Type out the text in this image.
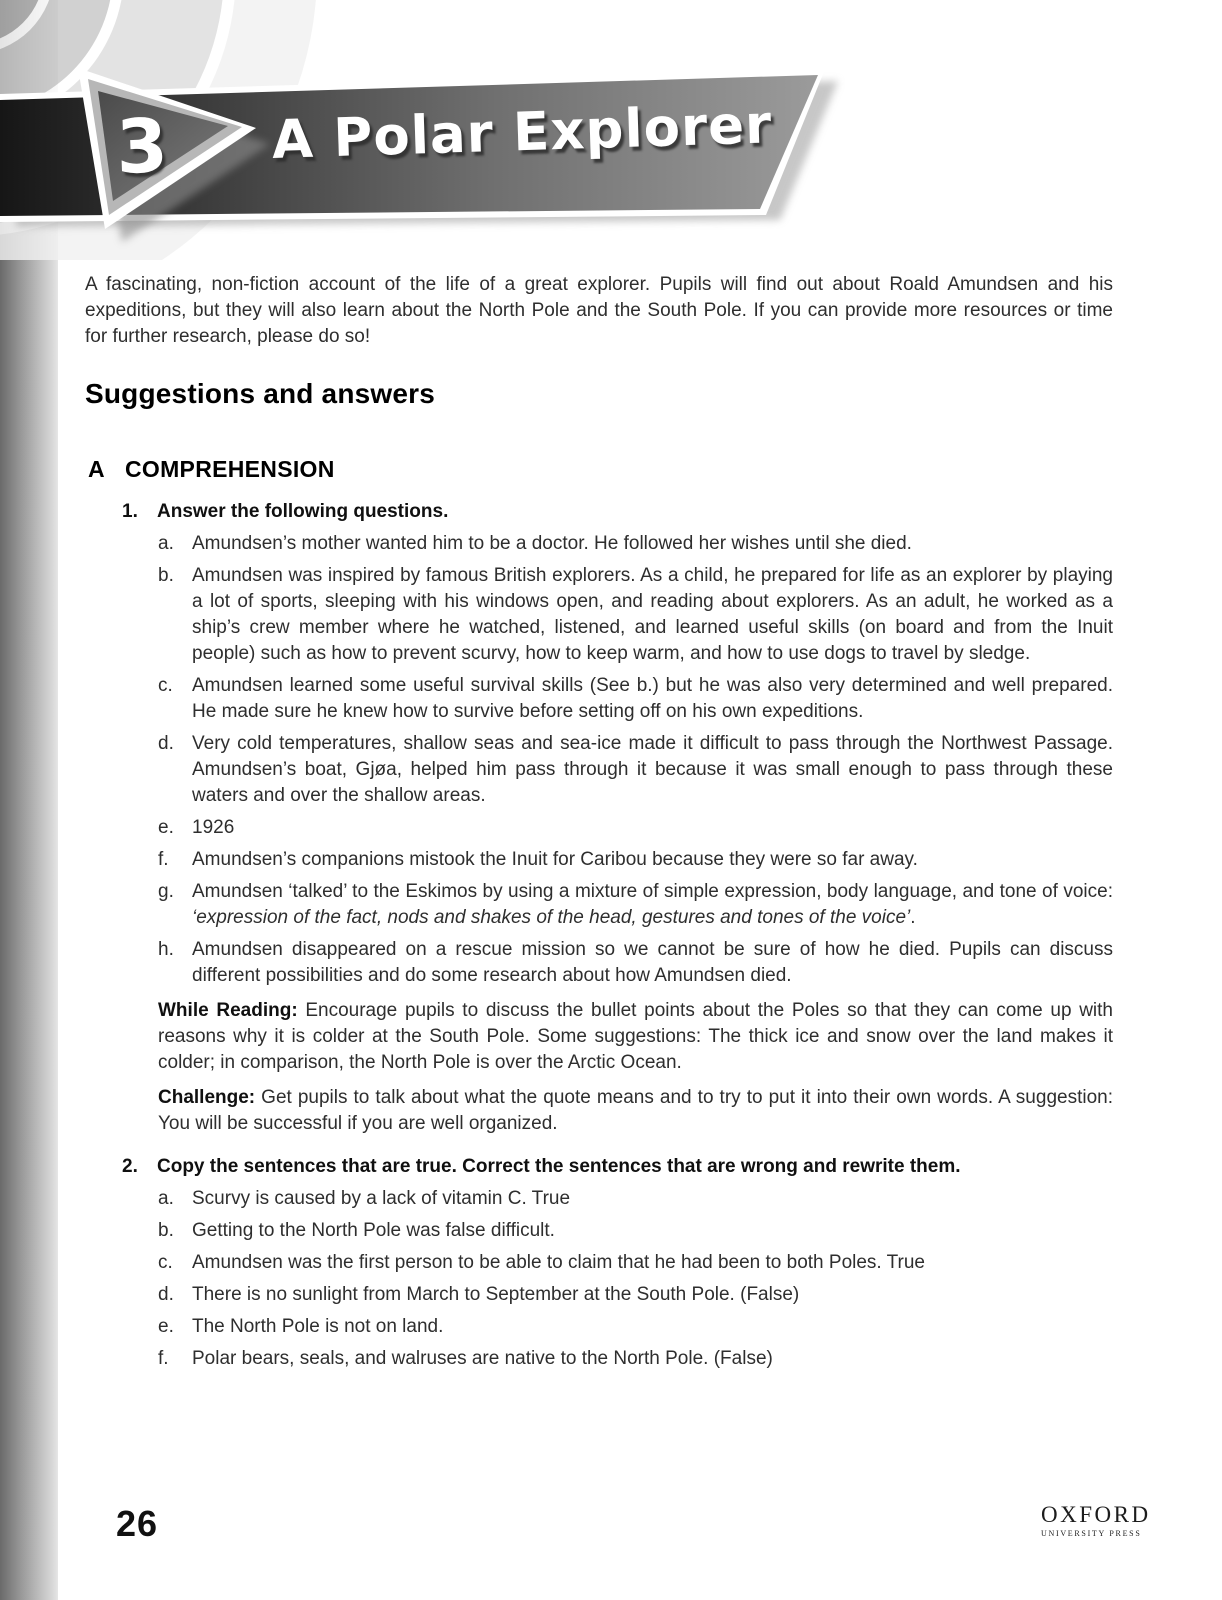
3 A Polar Explorer

A fascinating, non-fiction account of the life of a great explorer. Pupils will find out about Roald Amundsen and his expeditions, but they will also learn about the North Pole and the South Pole. If you can provide more resources or time for further research, please do so!

Suggestions and answers
A COMPREHENSION
1.	Answer the following questions.
a. Amundsen’s mother wanted him to be a doctor. He followed her wishes until she died.
b. Amundsen was inspired by famous British explorers. As a child, he prepared for life as an explorer by playing a lot of sports, sleeping with his windows open, and reading about explorers. As an adult, he worked as a ship’s crew member where he watched, listened, and learned useful skills (on board and from the Inuit people) such as how to prevent scurvy, how to keep warm, and how to use dogs to travel by sledge.
c.	Amundsen learned some useful survival skills (See b.) but he was also very determined and well prepared. He made sure he knew how to survive before setting off on his own expeditions.
d. Very cold temperatures, shallow seas and sea-ice made it difficult to pass through the Northwest Passage. Amundsen’s boat, Gjøa, helped him pass through it because it was small enough to pass through these waters and over the shallow areas.
e. 1926
f.	Amundsen’s companions mistook the Inuit for Caribou because they were so far away.
g. Amundsen ‘talked’ to the Eskimos by using a mixture of simple expression, body language, and tone of voice: ‘expression of the fact, nods and shakes of the head, gestures and tones of the voice’.
h. Amundsen disappeared on a rescue mission so we cannot be sure of how he died. Pupils can discuss different possibilities and do some research about how Amundsen died.

While Reading: Encourage pupils to discuss the bullet points about the Poles so that they can come up with reasons why it is colder at the South Pole. Some suggestions: The thick ice and snow over the land makes it colder; in comparison, the North Pole is over the Arctic Ocean.

Challenge: Get pupils to talk about what the quote means and to try to put it into their own words. A suggestion: You will be successful if you are well organized.

2.	Copy the sentences that are true. Correct the sentences that are wrong and rewrite them.
a. Scurvy is caused by a lack of vitamin C. True
b. Getting to the North Pole was false difficult.
c.	Amundsen was the first person to be able to claim that he had been to both Poles. True
d. There is no sunlight from March to September at the South Pole. (False)
e. The North Pole is not on land.
f.	Polar bears, seals, and walruses are native to the North Pole. (False)
26	OXFORD
UNIVERSITY PRESS
